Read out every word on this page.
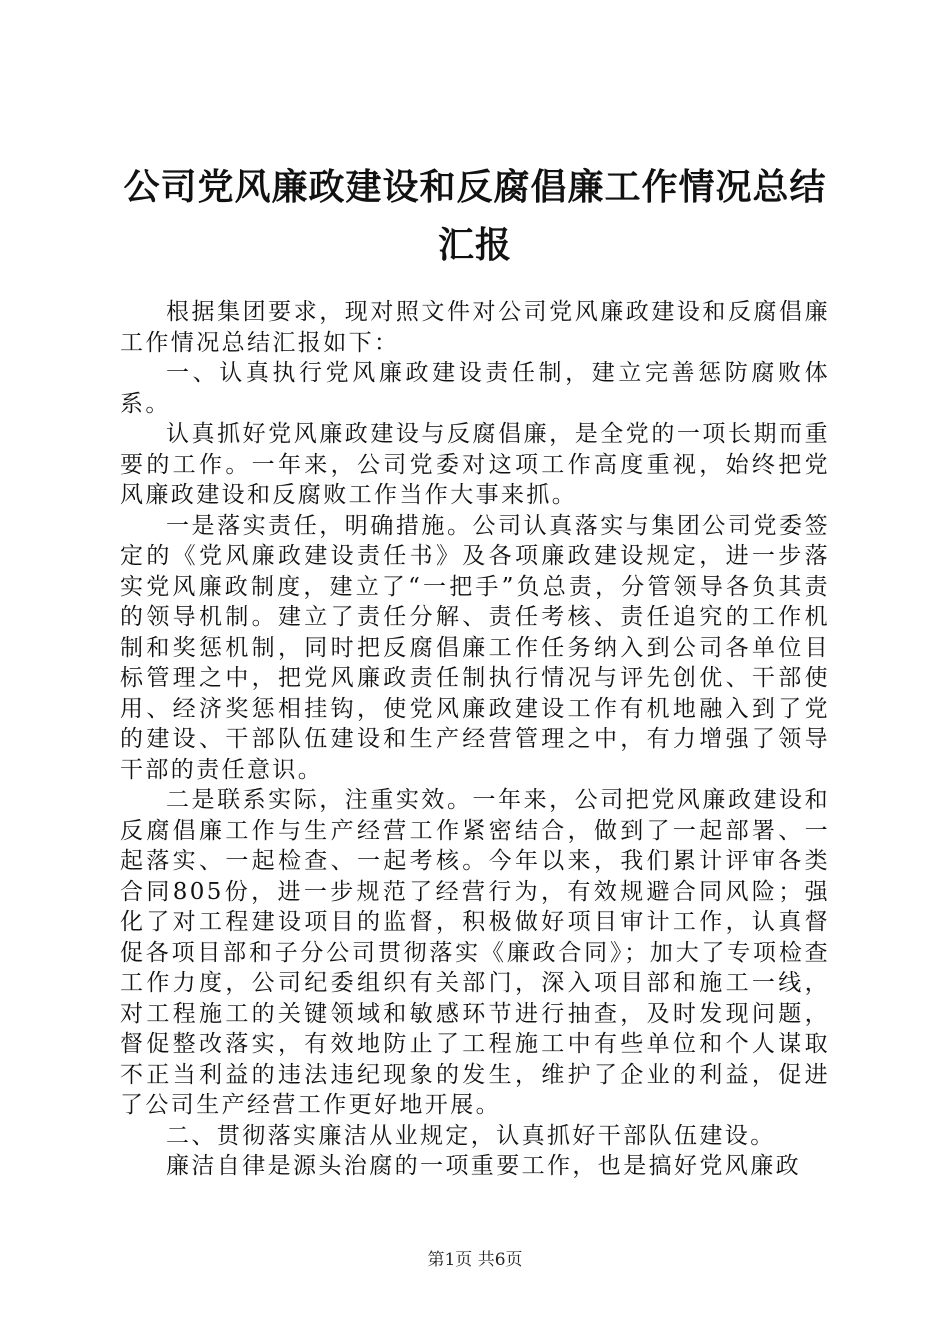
公司党风廉政建设和反腐倡廉工作情况总结汇报

根据集团要求，现对照文件对公司党风廉政建设和反腐倡廉工作情况总结汇报如下：

一、认真执行党风廉政建设责任制，建立完善惩防腐败体系。

认真抓好党风廉政建设与反腐倡廉，是全党的一项长期而重要的工作。一年来，公司党委对这项工作高度重视，始终把党风廉政建设和反腐败工作当作大事来抓。

一是落实责任，明确措施。公司认真落实与集团公司党委签定的《党风廉政建设责任书》及各项廉政建设规定，进一步落实党风廉政制度，建立了“一把手”负总责，分管领导各负其责的领导机制。建立了责任分解、责任考核、责任追究的工作机制和奖惩机制，同时把反腐倡廉工作任务纳入到公司各单位目标管理之中，把党风廉政责任制执行情况与评先创优、干部使用、经济奖惩相挂钩，使党风廉政建设工作有机地融入到了党的建设、干部队伍建设和生产经营管理之中，有力增强了领导干部的责任意识。

二是联系实际，注重实效。一年来，公司把党风廉政建设和反腐倡廉工作与生产经营工作紧密结合，做到了一起部署、一起落实、一起检查、一起考核。今年以来，我们累计评审各类合同805份，进一步规范了经营行为，有效规避合同风险；强化了对工程建设项目的监督，积极做好项目审计工作，认真督促各项目部和子分公司贯彻落实《廉政合同》；加大了专项检查工作力度，公司纪委组织有关部门，深入项目部和施工一线，对工程施工的关键领域和敏感环节进行抽查，及时发现问题，督促整改落实，有效地防止了工程施工中有些单位和个人谋取不正当利益的违法违纪现象的发生，维护了企业的利益，促进了公司生产经营工作更好地开展。

二、贯彻落实廉洁从业规定，认真抓好干部队伍建设。

廉洁自律是源头治腐的一项重要工作，也是搞好党风廉政

第1页 共6页
